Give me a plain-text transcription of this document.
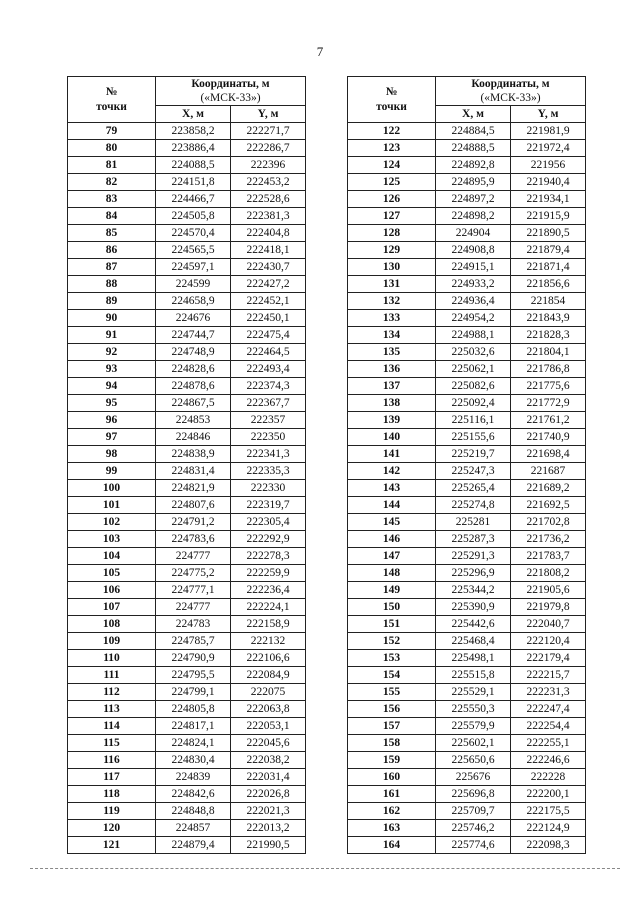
7
№
точки	Координаты, м
(«МСК-33»)	

	X, м	Y, м
79	223858,2	222271,7
80	223886,4	222286,7
81	224088,5	222396
82	224151,8	222453,2
83	224466,7	222528,6
84	224505,8	222381,3
85	224570,4	222404,8
86	224565,5	222418,1
87	224597,1	222430,7
88	224599	222427,2
89	224658,9	222452,1
90	224676	222450,1
91	224744,7	222475,4
92	224748,9	222464,5
93	224828,6	222493,4
94	224878,6	222374,3
95	224867,5	222367,7
96	224853	222357
97	224846	222350
98	224838,9	222341,3
99	224831,4	222335,3
100	224821,9	222330
101	224807,6	222319,7
102	224791,2	222305,4
103	224783,6	222292,9
104	224777	222278,3
105	224775,2	222259,9
106	224777,1	222236,4
107	224777	222224,1
108	224783	222158,9
109	224785,7	222132
110	224790,9	222106,6
111	224795,5	222084,9
112	224799,1	222075
113	224805,8	222063,8
114	224817,1	222053,1
115	224824,1	222045,6
116	224830,4	222038,2
117	224839	222031,4
118	224842,6	222026,8
119	224848,8	222021,3
120	224857	222013,2
121	224879,4	221990,5
№
точки	Координаты, м
(«МСК-33»)	

	X, м	Y, м
122	224884,5	221981,9
123	224888,5	221972,4
124	224892,8	221956
125	224895,9	221940,4
126	224897,2	221934,1
127	224898,2	221915,9
128	224904	221890,5
129	224908,8	221879,4
130	224915,1	221871,4
131	224933,2	221856,6
132	224936,4	221854
133	224954,2	221843,9
134	224988,1	221828,3
135	225032,6	221804,1
136	225062,1	221786,8
137	225082,6	221775,6
138	225092,4	221772,9
139	225116,1	221761,2
140	225155,6	221740,9
141	225219,7	221698,4
142	225247,3	221687
143	225265,4	221689,2
144	225274,8	221692,5
145	225281	221702,8
146	225287,3	221736,2
147	225291,3	221783,7
148	225296,9	221808,2
149	225344,2	221905,6
150	225390,9	221979,8
151	225442,6	222040,7
152	225468,4	222120,4
153	225498,1	222179,4
154	225515,8	222215,7
155	225529,1	222231,3
156	225550,3	222247,4
157	225579,9	222254,4
158	225602,1	222255,1
159	225650,6	222246,6
160	225676	222228
161	225696,8	222200,1
162	225709,7	222175,5
163	225746,2	222124,9
164	225774,6	222098,3
